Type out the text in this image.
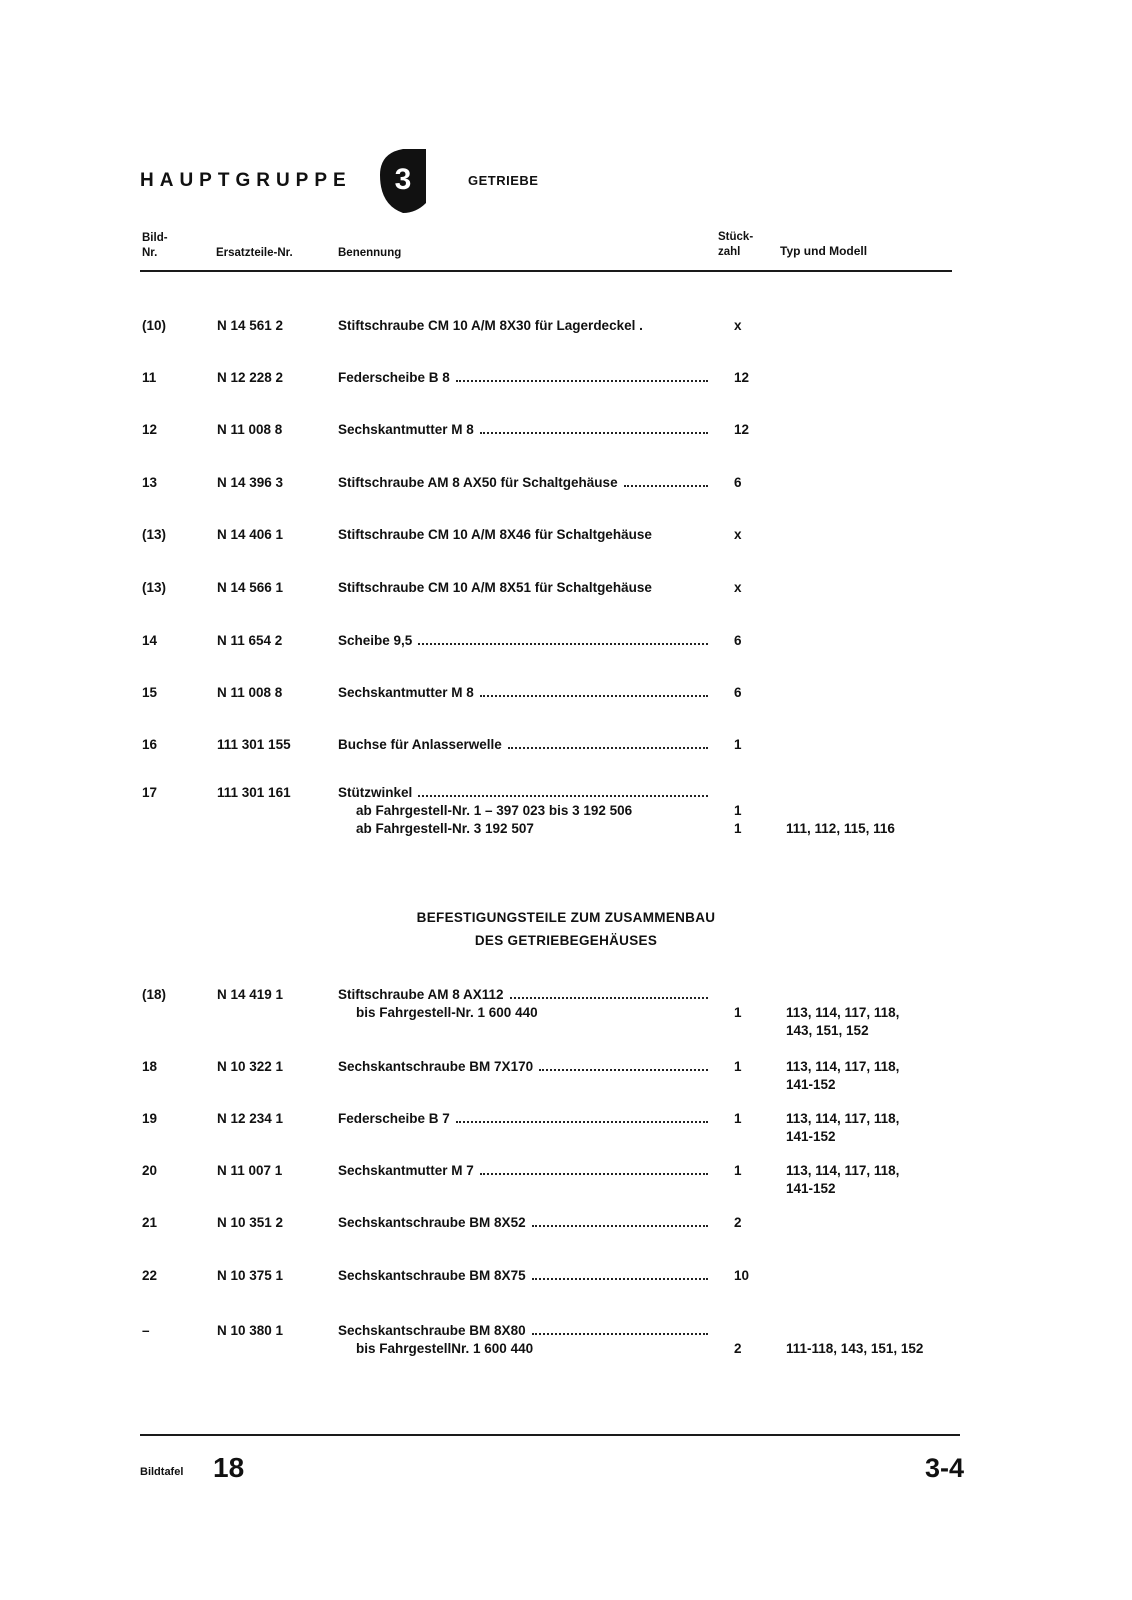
HAUPTGRUPPE 3	GETRIEBE
Bild-
Nr.	Ersatzteile-Nr.	Benennung
Stück-
zahl	Typ und Modell
(10)	N 14 561 2	Stiftschraube CM 10 A/M 8X30 für Lagerdeckel .	x
11	N 12 228 2	Federscheibe B 8	12
12	N 11 008 8	Sechskantmutter M 8	12
13	N 14 396 3	Stiftschraube AM 8 AX50 für Schaltgehäuse	6
(13)	N 14 406 1	Stiftschraube CM 10 A/M 8X46 für Schaltgehäuse	x
(13)	N 14 566 1	Stiftschraube CM 10 A/M 8X51 für Schaltgehäuse	x
14	N 11 654 2	Scheibe 9,5	6
15	N 11 008 8	Sechskantmutter M 8	6
16	111 301 155	Buchse für Anlasserwelle	1
17	111 301 161	Stützwinkel
ab Fahrgestell-Nr. 1 – 397 023 bis 3 192 506	1
ab Fahrgestell-Nr. 3 192 507	1	111, 112, 115, 116
BEFESTIGUNGSTEILE ZUM ZUSAMMENBAU
DES GETRIEBEGEHÄUSES
(18)	N 14 419 1	Stiftschraube AM 8 AX112
bis Fahrgestell-Nr. 1 600 440	1	113, 114, 117, 118,
143, 151, 152
18	N 10 322 1	Sechskantschraube BM 7X170	1	113, 114, 117, 118,
141-152
19	N 12 234 1	Federscheibe B 7	1	113, 114, 117, 118,
141-152
20	N 11 007 1	Sechskantmutter M 7	1	113, 114, 117, 118,
141-152
21	N 10 351 2	Sechskantschraube BM 8X52	2
22	N 10 375 1	Sechskantschraube BM 8X75	10
–	N 10 380 1	Sechskantschraube BM 8X80
bis FahrgestellNr. 1 600 440	2	111-118, 143, 151, 152
Bildtafel 18	3-4
